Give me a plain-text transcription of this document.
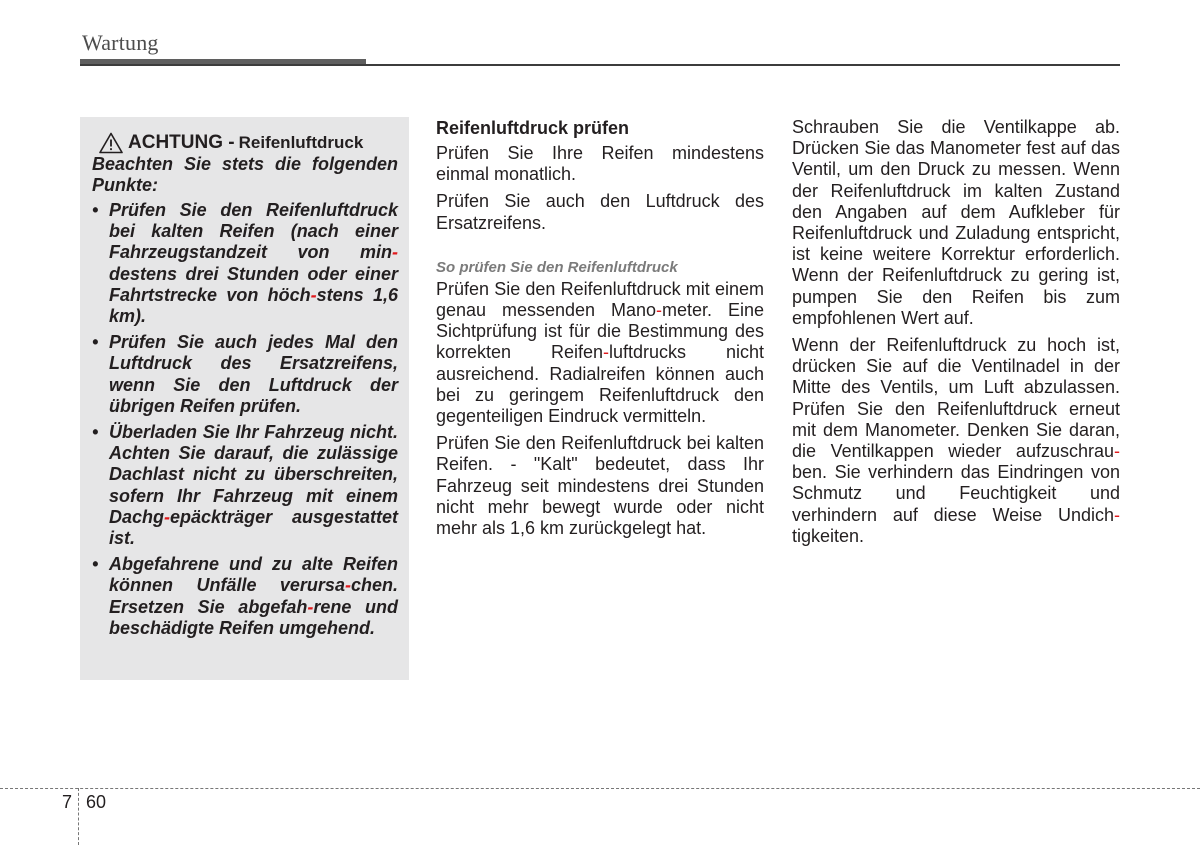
Wartung
ACHTUNG - Reifenluftdruck

Beachten Sie stets die folgenden Punkte:

• Prüfen Sie den Reifenluftdruck bei kalten Reifen (nach einer Fahrzeugstandzeit von min-destens drei Stunden oder einer Fahrtstrecke von höch-stens 1,6 km).
• Prüfen Sie auch jedes Mal den Luftdruck des Ersatzreifens, wenn Sie den Luftdruck der übrigen Reifen prüfen.
• Überladen Sie Ihr Fahrzeug nicht. Achten Sie darauf, die zulässige Dachlast nicht zu überschreiten, sofern Ihr Fahrzeug mit einem Dachg-epäckträger ausgestattet ist.
• Abgefahrene und zu alte Reifen können Unfälle verursa-chen. Ersetzen Sie abgefah-rene und beschädigte Reifen umgehend.
Reifenluftdruck prüfen

Prüfen Sie Ihre Reifen mindestens einmal monatlich.

Prüfen Sie auch den Luftdruck des Ersatzreifens.

So prüfen Sie den Reifenluftdruck

Prüfen Sie den Reifenluftdruck mit einem genau messenden Mano-meter. Eine Sichtprüfung ist für die Bestimmung des korrekten Reifen-luftdrucks nicht ausreichend. Radialreifen können auch bei zu geringem Reifenluftdruck den gegenteiligen Eindruck vermitteln.

Prüfen Sie den Reifenluftdruck bei kalten Reifen. - "Kalt" bedeutet, dass Ihr Fahrzeug seit mindestens drei Stunden nicht mehr bewegt wurde oder nicht mehr als 1,6 km zurückgelegt hat.

Schrauben Sie die Ventilkappe ab. Drücken Sie das Manometer fest auf das Ventil, um den Druck zu messen. Wenn der Reifenluftdruck im kalten Zustand den Angaben auf dem Aufkleber für Reifenluftdruck und Zuladung entspricht, ist keine weitere Korrektur erforderlich. Wenn der Reifenluftdruck zu gering ist, pumpen Sie den Reifen bis zum empfohlenen Wert auf.

Wenn der Reifenluftdruck zu hoch ist, drücken Sie auf die Ventilnadel in der Mitte des Ventils, um Luft abzulassen. Prüfen Sie den Reifenluftdruck erneut mit dem Manometer. Denken Sie daran, die Ventilkappen wieder aufzuschrau-ben. Sie verhindern das Eindringen von Schmutz und Feuchtigkeit und verhindern auf diese Weise Undich-tigkeiten.

7 60
